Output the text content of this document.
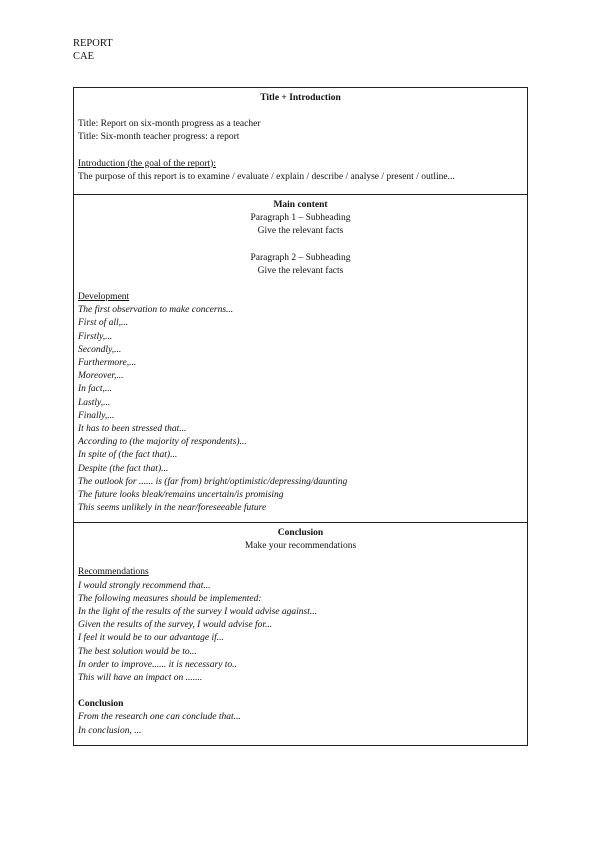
REPORT
CAE
Title + Introduction
Title: Report on six-month progress as a teacher
Title: Six-month teacher progress: a report
Introduction (the goal of the report):
The purpose of this report is to examine / evaluate / explain / describe / analyse / present / outline...
Main content
Paragraph 1 – Subheading
Give the relevant facts
Paragraph 2 – Subheading
Give the relevant facts
Development
The first observation to make concerns...
First of all,...
Firstly,...
Secondly,...
Furthermore,...
Moreover,...
In fact,...
Lastly,...
Finally,...
It has to been stressed that...
According to (the majority of respondents)...
In spite of (the fact that)...
Despite (the fact that)...
The outlook for ...... is (far from) bright/optimistic/depressing/daunting
The future looks bleak/remains uncertain/is promising
This seems unlikely in the near/foreseeable future
Conclusion
Make your recommendations
Recommendations
I would strongly recommend that...
The following measures should be implemented:
In the light of the results of the survey I would advise against...
Given the results of the survey, I would advise for...
I feel it would be to our advantage if...
The best solution would be to...
In order to improve...... it is necessary to..
This will have an impact on .......
Conclusion
From the research one can conclude that...
In conclusion, ...
